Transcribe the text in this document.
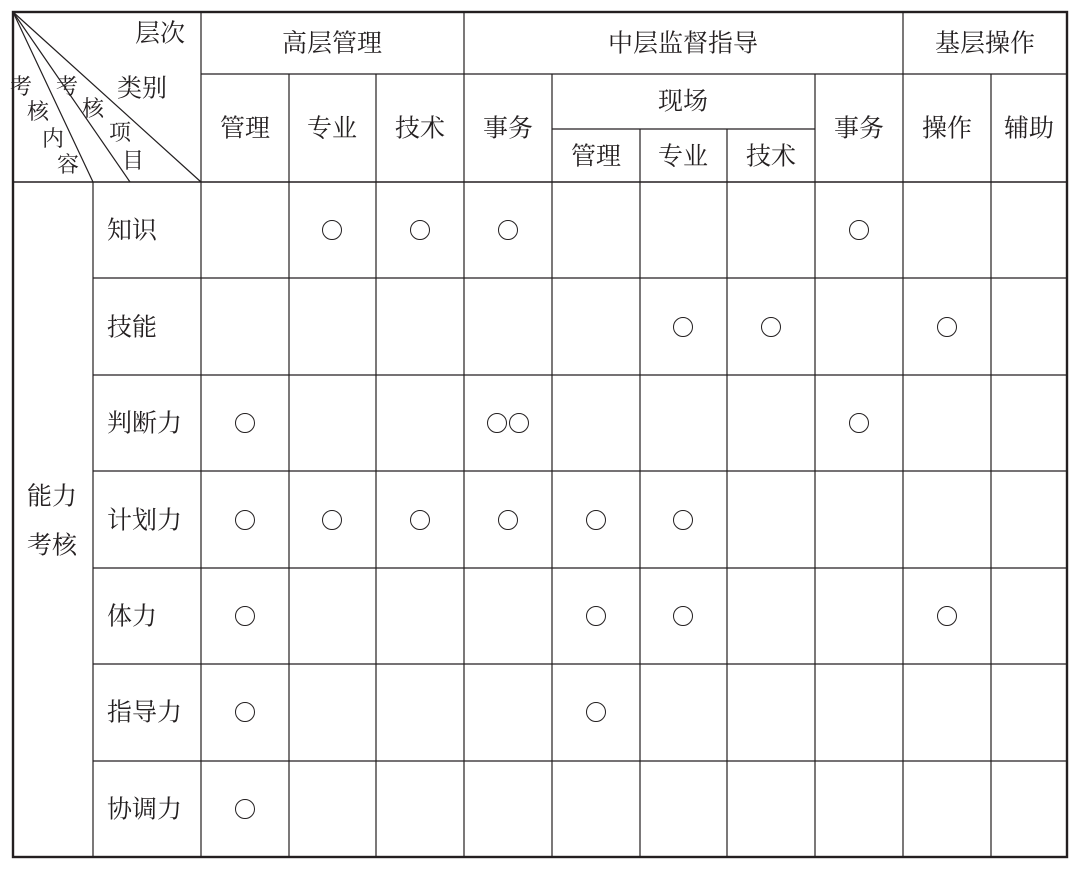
层次
类别
高层管理	中层监督指导	基层操作
管理 专业 技术 事务
现场
管理 专业 技术
事务 操作 辅助
能力
考核
知识
技能
判断力
计划力
体力
指导力
协调力
考
核
项
目
考
核
内
容
